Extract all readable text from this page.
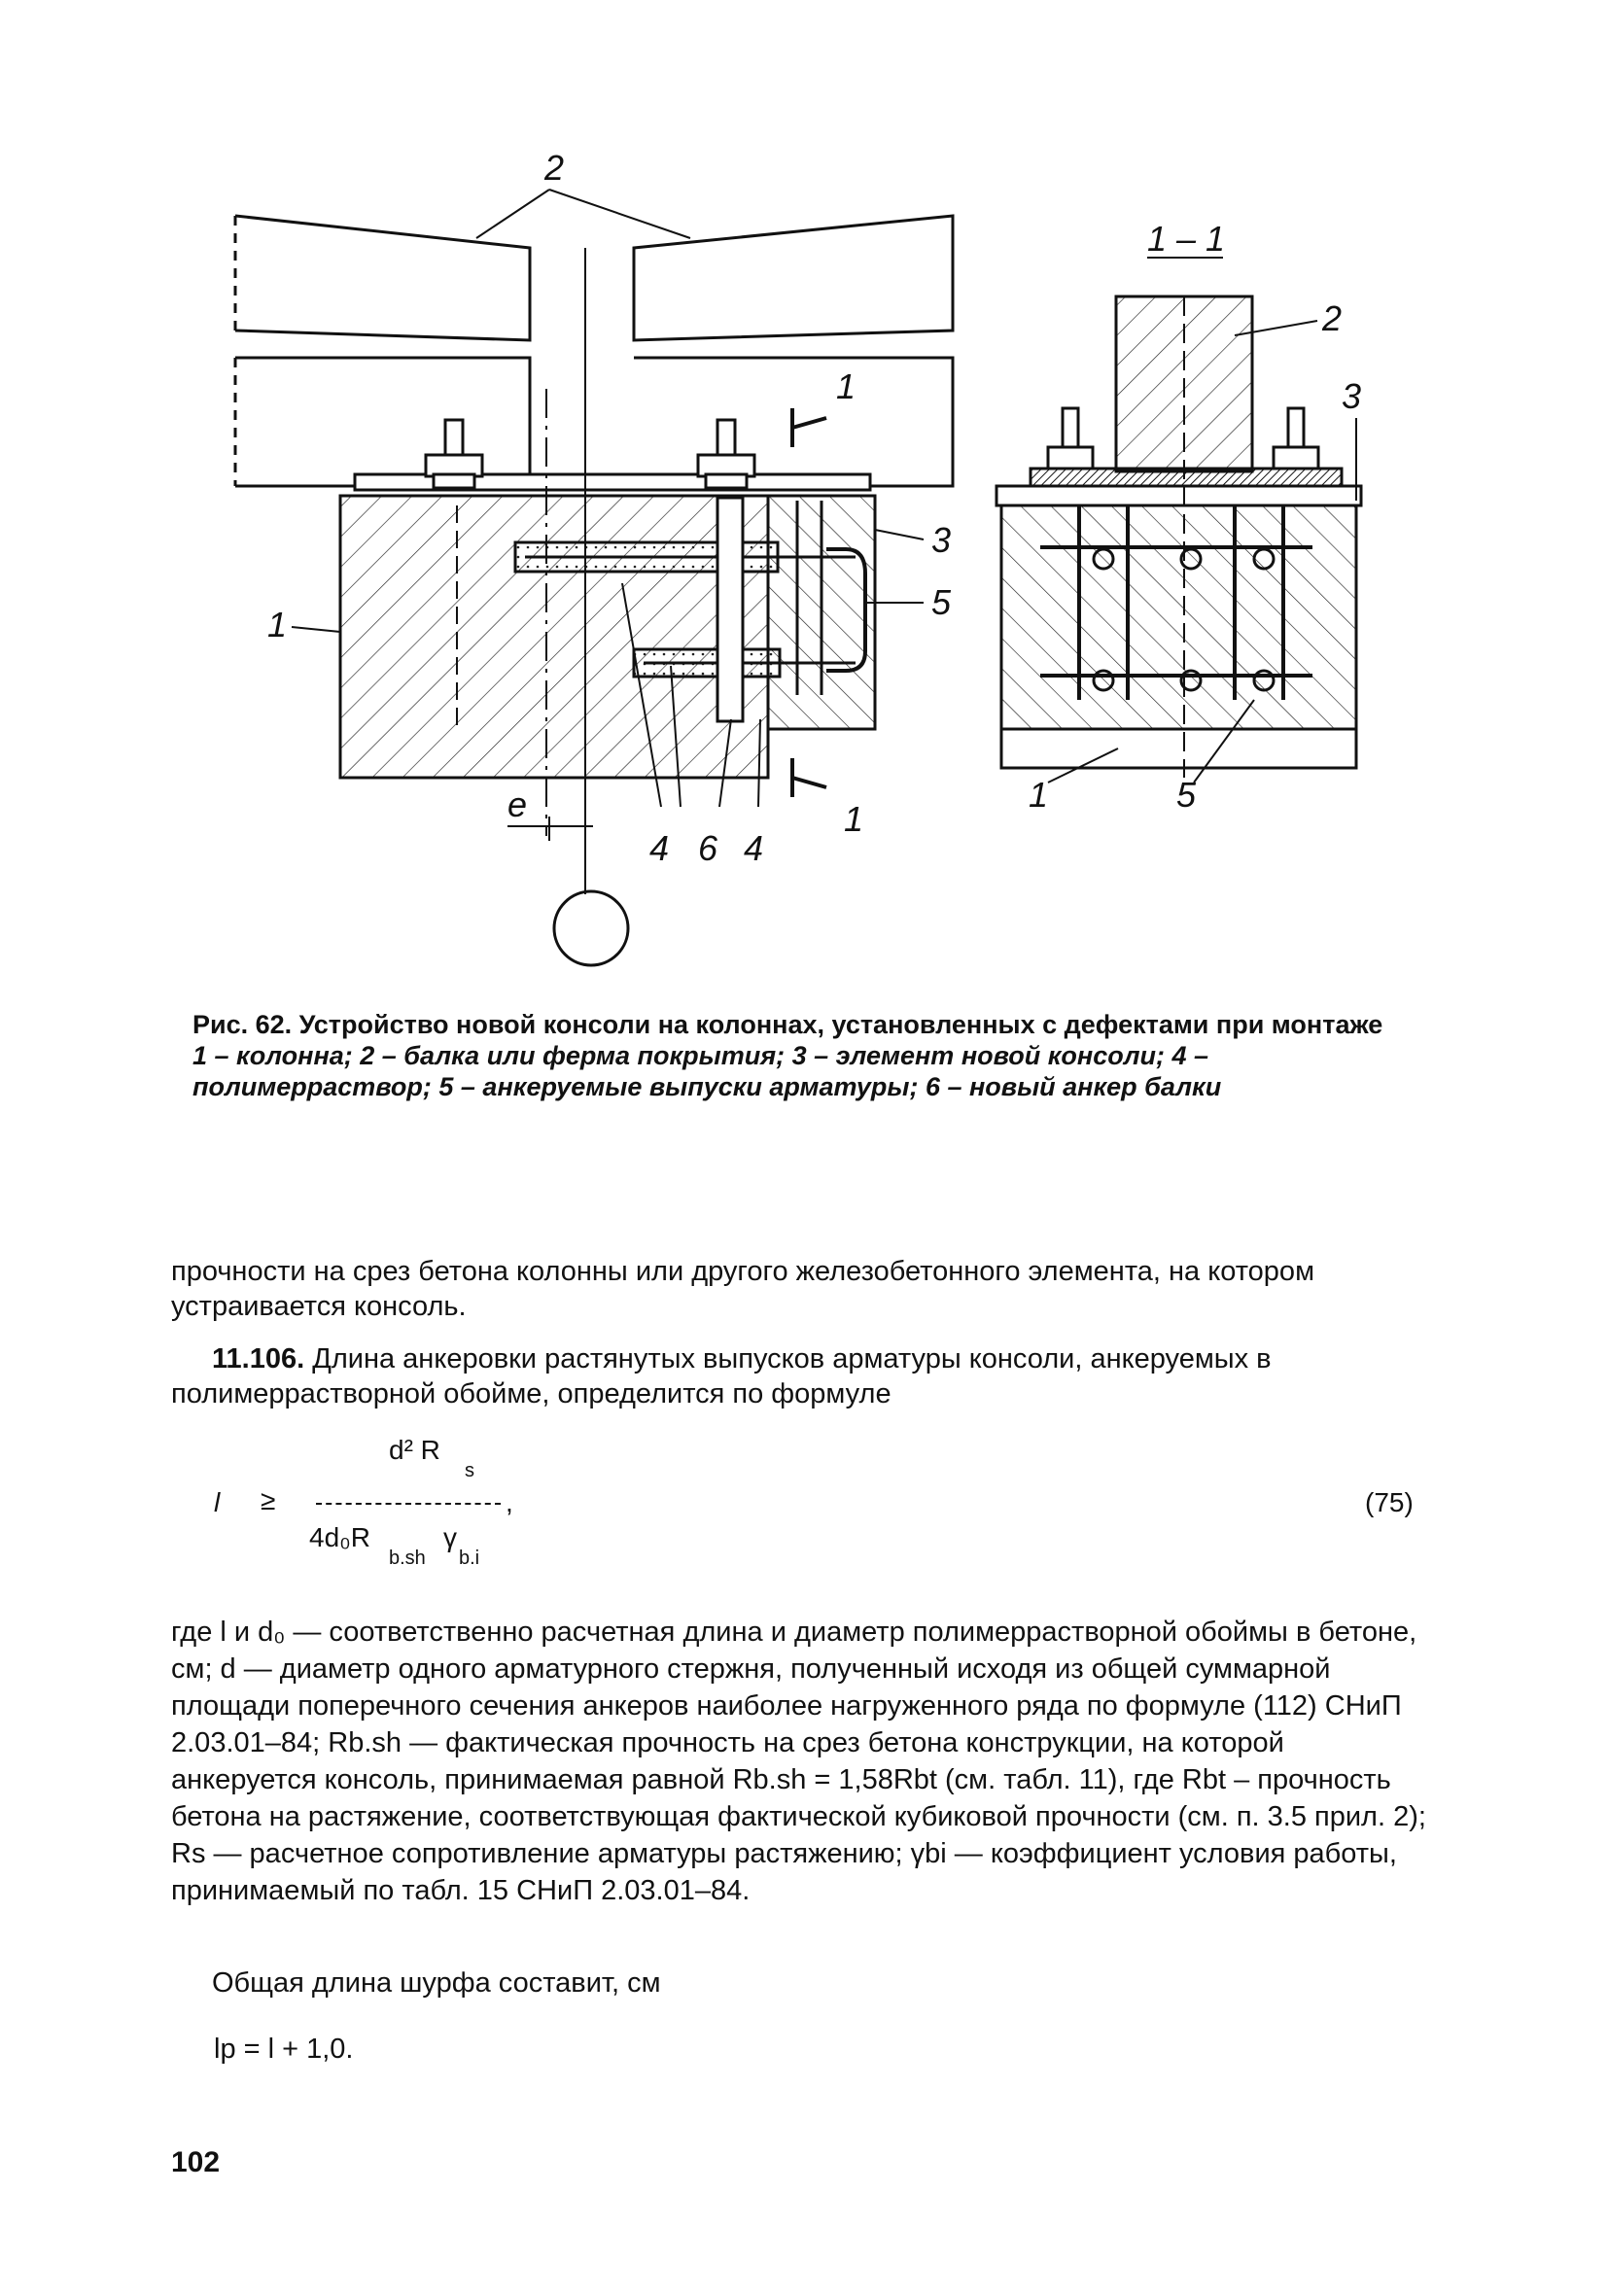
2
1
1
1
3
5
e
4 6 4
1 – 1
2
3
1	5
Рис. 62. Устройство новой консоли на колоннах, установленных с дефектами при монтаже
1 – колонна; 2 – балка или ферма покрытия; 3 – элемент новой консоли; 4 – полимерраствор; 5 – анкеруемые выпуски арматуры; 6 – новый анкер балки
прочности на срез бетона колонны или другого железобетонного элемента, на котором устраивается консоль.
11.106. Длина анкеровки растянутых выпусков арматуры консоли, анкеруемых в полимеррастворной обойме, определится по формуле
l ≥
d² R
s
,
4d₀R
b.sh
γ
b.i
(75)
где l и d₀ — соответственно расчетная длина и диаметр полимеррастворной обоймы в бетоне, см; d — диаметр одного арматурного стержня, полученный исходя из общей суммарной площади поперечного сечения анкеров наиболее нагруженного ряда по формуле (112) СНиП 2.03.01–84; Rb.sh — фактическая прочность на срез бетона конструкции, на которой анкеруется консоль, принимаемая равной Rb.sh = 1,58Rbt (см. табл. 11), где Rbt – прочность бетона на растяжение, соответствующая фактической кубиковой прочности (см. п. 3.5 прил. 2); Rs — расчетное сопротивление арматуры растяжению; γbi — коэффициент условия работы, принимаемый по табл. 15 СНиП 2.03.01–84.
Общая длина шурфа составит, см
lp = l + 1,0.
102
